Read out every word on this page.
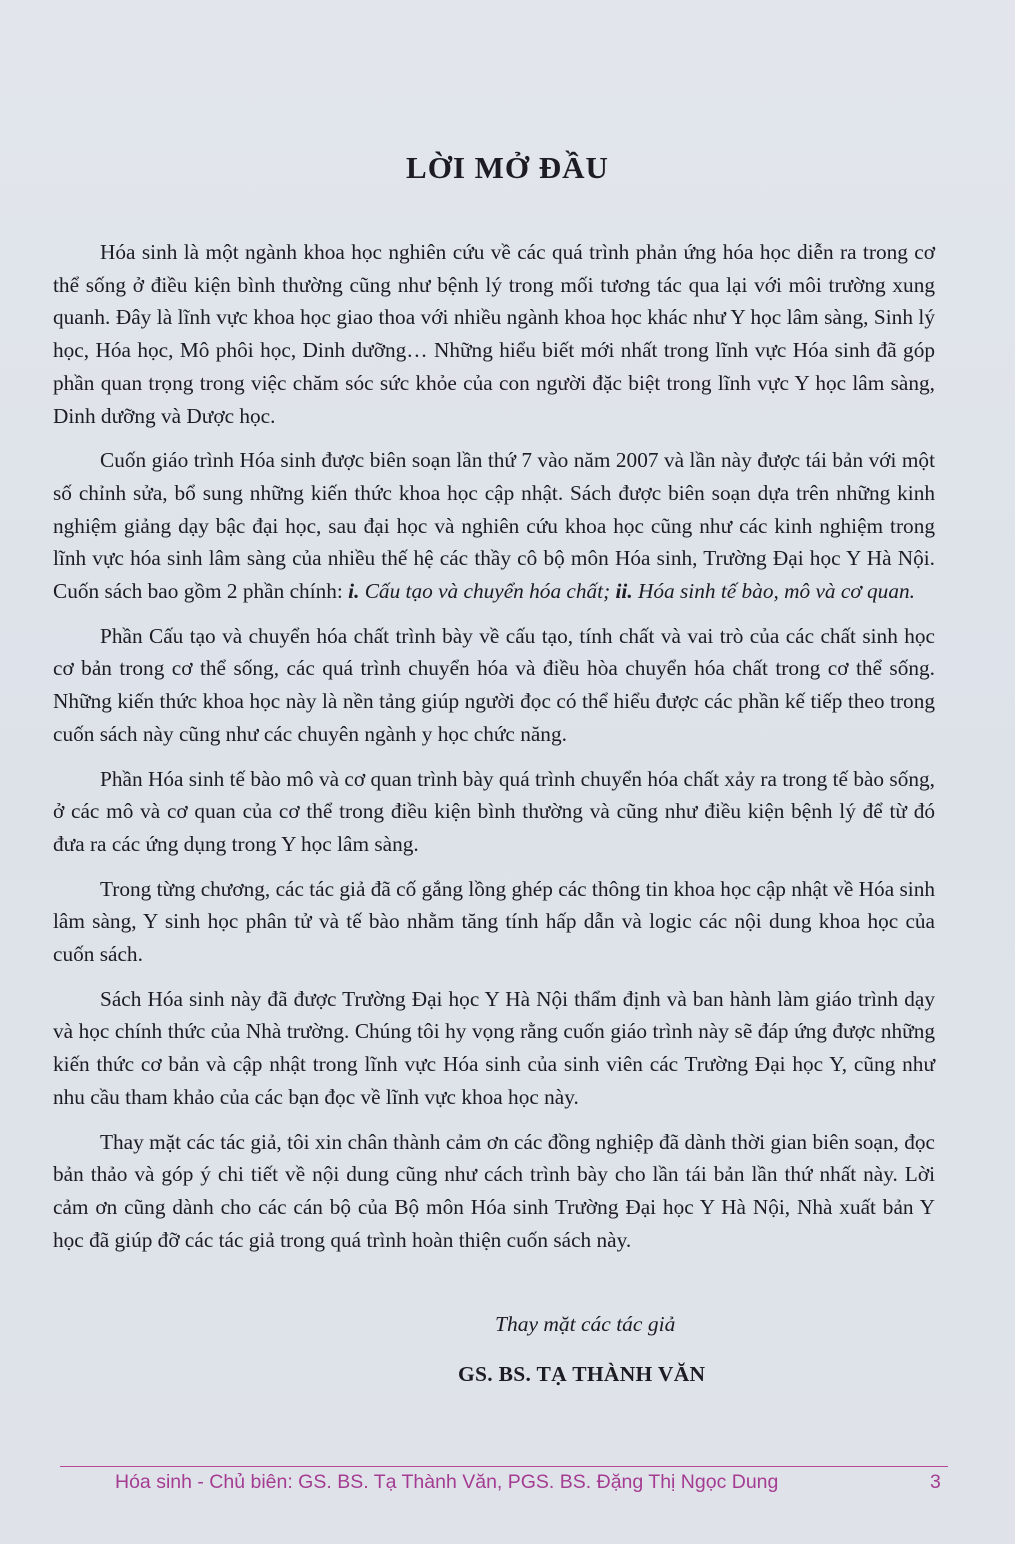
LỜI MỞ ĐẦU

Hóa sinh là một ngành khoa học nghiên cứu về các quá trình phản ứng hóa học diễn ra trong cơ thể sống ở điều kiện bình thường cũng như bệnh lý trong mối tương tác qua lại với môi trường xung quanh. Đây là lĩnh vực khoa học giao thoa với nhiều ngành khoa học khác như Y học lâm sàng, Sinh lý học, Hóa học, Mô phôi học, Dinh dưỡng… Những hiểu biết mới nhất trong lĩnh vực Hóa sinh đã góp phần quan trọng trong việc chăm sóc sức khỏe của con người đặc biệt trong lĩnh vực Y học lâm sàng, Dinh dưỡng và Dược học.

Cuốn giáo trình Hóa sinh được biên soạn lần thứ 7 vào năm 2007 và lần này được tái bản với một số chỉnh sửa, bổ sung những kiến thức khoa học cập nhật. Sách được biên soạn dựa trên những kinh nghiệm giảng dạy bậc đại học, sau đại học và nghiên cứu khoa học cũng như các kinh nghiệm trong lĩnh vực hóa sinh lâm sàng của nhiều thế hệ các thầy cô bộ môn Hóa sinh, Trường Đại học Y Hà Nội. Cuốn sách bao gồm 2 phần chính: i. Cấu tạo và chuyển hóa chất; ii. Hóa sinh tế bào, mô và cơ quan.

Phần Cấu tạo và chuyển hóa chất trình bày về cấu tạo, tính chất và vai trò của các chất sinh học cơ bản trong cơ thể sống, các quá trình chuyển hóa và điều hòa chuyển hóa chất trong cơ thể sống. Những kiến thức khoa học này là nền tảng giúp người đọc có thể hiểu được các phần kế tiếp theo trong cuốn sách này cũng như các chuyên ngành y học chức năng.

Phần Hóa sinh tế bào mô và cơ quan trình bày quá trình chuyển hóa chất xảy ra trong tế bào sống, ở các mô và cơ quan của cơ thể trong điều kiện bình thường và cũng như điều kiện bệnh lý để từ đó đưa ra các ứng dụng trong Y học lâm sàng.

Trong từng chương, các tác giả đã cố gắng lồng ghép các thông tin khoa học cập nhật về Hóa sinh lâm sàng, Y sinh học phân tử và tế bào nhằm tăng tính hấp dẫn và logic các nội dung khoa học của cuốn sách.

Sách Hóa sinh này đã được Trường Đại học Y Hà Nội thẩm định và ban hành làm giáo trình dạy và học chính thức của Nhà trường. Chúng tôi hy vọng rằng cuốn giáo trình này sẽ đáp ứng được những kiến thức cơ bản và cập nhật trong lĩnh vực Hóa sinh của sinh viên các Trường Đại học Y, cũng như nhu cầu tham khảo của các bạn đọc về lĩnh vực khoa học này.

Thay mặt các tác giả, tôi xin chân thành cảm ơn các đồng nghiệp đã dành thời gian biên soạn, đọc bản thảo và góp ý chi tiết về nội dung cũng như cách trình bày cho lần tái bản lần thứ nhất này. Lời cảm ơn cũng dành cho các cán bộ của Bộ môn Hóa sinh Trường Đại học Y Hà Nội, Nhà xuất bản Y học đã giúp đỡ các tác giả trong quá trình hoàn thiện cuốn sách này.

Thay mặt các tác giả
GS. BS. TẠ THÀNH VĂN
Hóa sinh - Chủ biên: GS. BS. Tạ Thành Văn, PGS. BS. Đặng Thị Ngọc Dung	3
